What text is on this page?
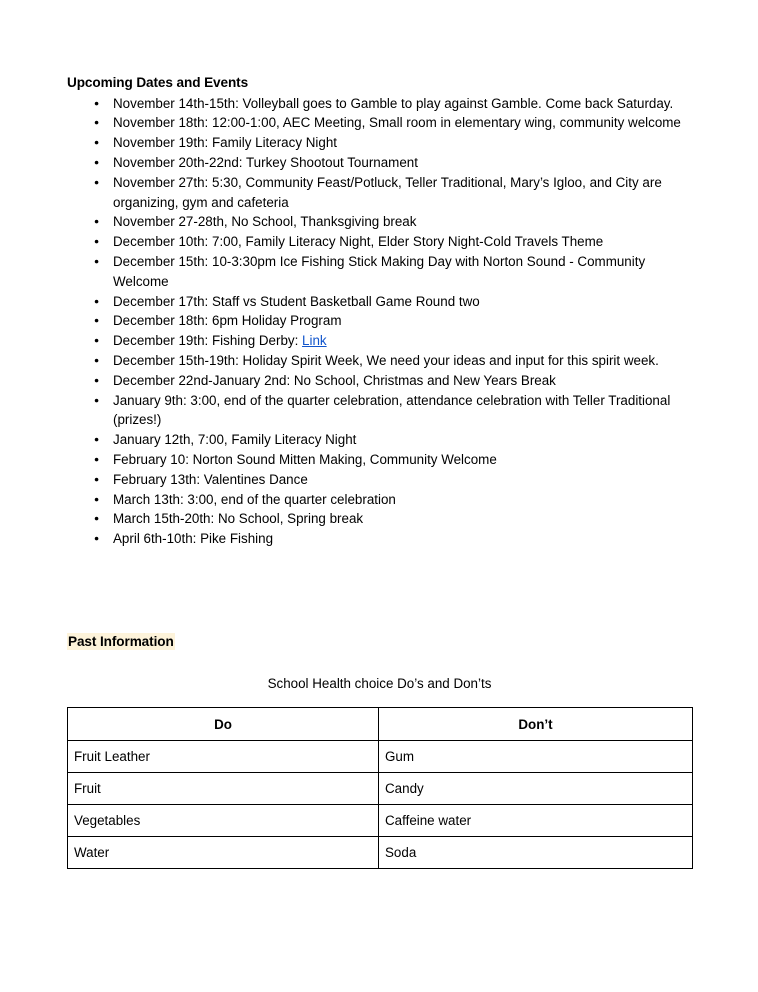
Upcoming Dates and Events

● November 14th-15th: Volleyball goes to Gamble to play against Gamble. Come back Saturday.
● November 18th: 12:00-1:00, AEC Meeting, Small room in elementary wing, community welcome
● November 19th: Family Literacy Night
● November 20th-22nd: Turkey Shootout Tournament
● November 27th: 5:30, Community Feast/Potluck, Teller Traditional, Mary’s Igloo, and City are organizing, gym and cafeteria
● November 27-28th, No School, Thanksgiving break
● December 10th: 7:00, Family Literacy Night, Elder Story Night-Cold Travels Theme
● December 15th: 10-3:30pm Ice Fishing Stick Making Day with Norton Sound - Community Welcome
● December 17th: Staff vs Student Basketball Game Round two
● December 18th: 6pm Holiday Program
● December 19th: Fishing Derby: Link
● December 15th-19th: Holiday Spirit Week, We need your ideas and input for this spirit week.
● December 22nd-January 2nd: No School, Christmas and New Years Break
● January 9th: 3:00, end of the quarter celebration, attendance celebration with Teller Traditional (prizes!)
● January 12th, 7:00, Family Literacy Night
● February 10: Norton Sound Mitten Making, Community Welcome
● February 13th: Valentines Dance
● March 13th: 3:00, end of the quarter celebration
● March 15th-20th: No School, Spring break
● April 6th-10th: Pike Fishing

Past Information

School Health choice Do’s and Don’ts

Do	Don’t
Fruit Leather	Gum
Fruit	Candy
Vegetables	Caffeine water
Water	Soda
